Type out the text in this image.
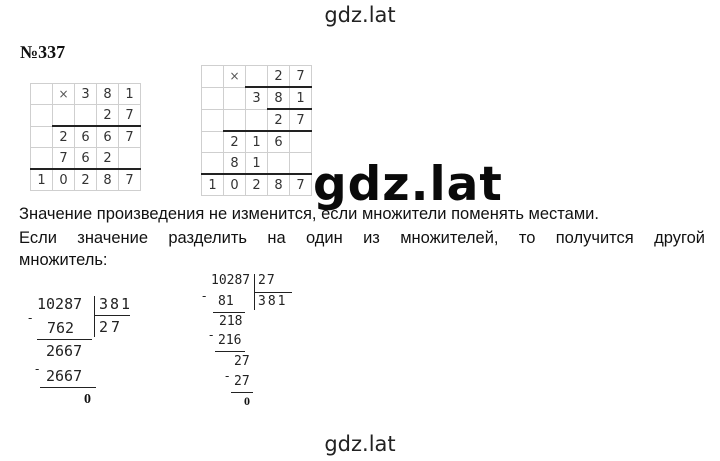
gdz.lat
gdz.lat
gdz.lat
№337
	×	3	8	1
			2	7
	2	6	6	7
	7	6	2	
1	0	2	8	7
	×		2	7
		3	8	1
			2	7
	2	1	6	
	8	1		
1	0	2	8	7
Значение произведения не изменится, если множители поменять местами.
Если значение разделить на один из множителей, то получится другой
множитель:
10287 381
27
-
762
2667
- 2667
0
10287 27
381
- 81
218
- 216
27
- 27
0
